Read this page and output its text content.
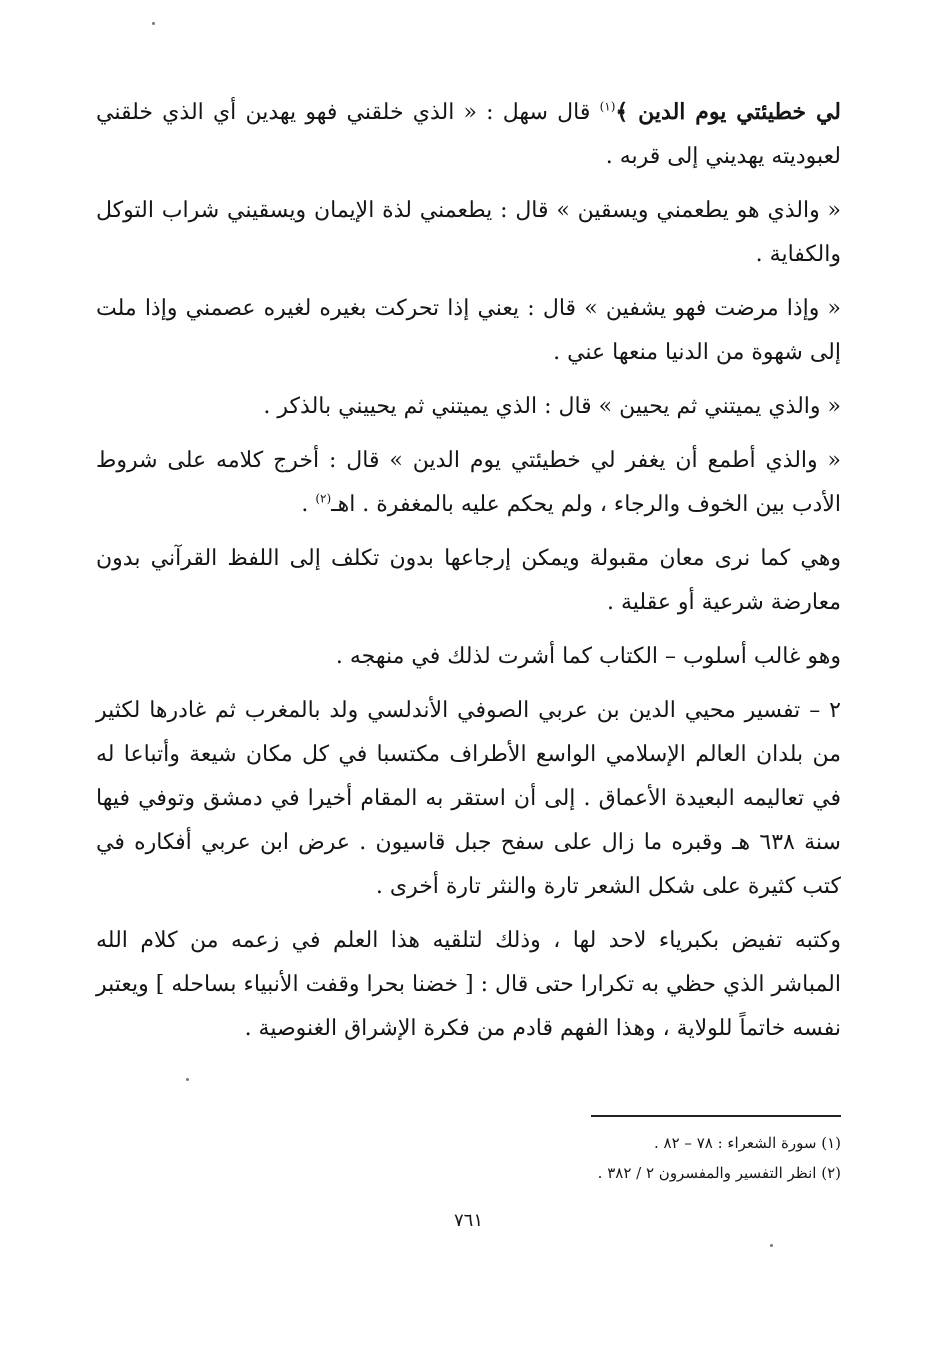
لي خطيئتي يوم الدين ﴾$^{(١)}$ قال سهل : « الذي خلقني فهو يهدين أي الذي خلقني لعبوديته يهديني إلى قربه .

« والذي هو يطعمني ويسقين » قال : يطعمني لذة الإيمان ويسقيني شراب التوكل والكفاية .

« وإذا مرضت فهو يشفين » قال : يعني إذا تحركت بغيره لغيره عصمني وإذا ملت إلى شهوة من الدنيا منعها عني .

« والذي يميتني ثم يحيين » قال : الذي يميتني ثم يحييني بالذكر .

« والذي أطمع أن يغفر لي خطيئتي يوم الدين » قال : أخرج كلامه على شروط الأدب بين الخوف والرجاء ، ولم يحكم عليه بالمغفرة . اهـ$^{(٢)}$ .

وهي كما نرى معان مقبولة ويمكن إرجاعها بدون تكلف إلى اللفظ القرآني بدون معارضة شرعية أو عقلية .

وهو غالب أسلوب – الكتاب كما أشرت لذلك في منهجه .

٢ – تفسير محيي الدين بن عربي الصوفي الأندلسي ولد بالمغرب ثم غادرها لكثير من بلدان العالم الإسلامي الواسع الأطراف مكتسبا في كل مكان شيعة وأتباعا له في تعاليمه البعيدة الأعماق . إلى أن استقر به المقام أخيرا في دمشق وتوفي فيها سنة ٦٣٨ هـ وقبره ما زال على سفح جبل قاسيون . عرض ابن عربي أفكاره في كتب كثيرة على شكل الشعر تارة والنثر تارة أخرى .

وكتبه تفيض بكبرياء لاحد لها ، وذلك لتلقيه هذا العلم في زعمه من كلام الله المباشر الذي حظي به تكرارا حتى قال : [ خضنا بحرا وقفت الأنبياء بساحله ] ويعتبر نفسه خاتماً للولاية ، وهذا الفهم قادم من فكرة الإشراق الغنوصية .

(١) سورة الشعراء : ٧٨ – ٨٢ .

(٢) انظر التفسير والمفسرون ٢ / ٣٨٢ .

٧٦١
